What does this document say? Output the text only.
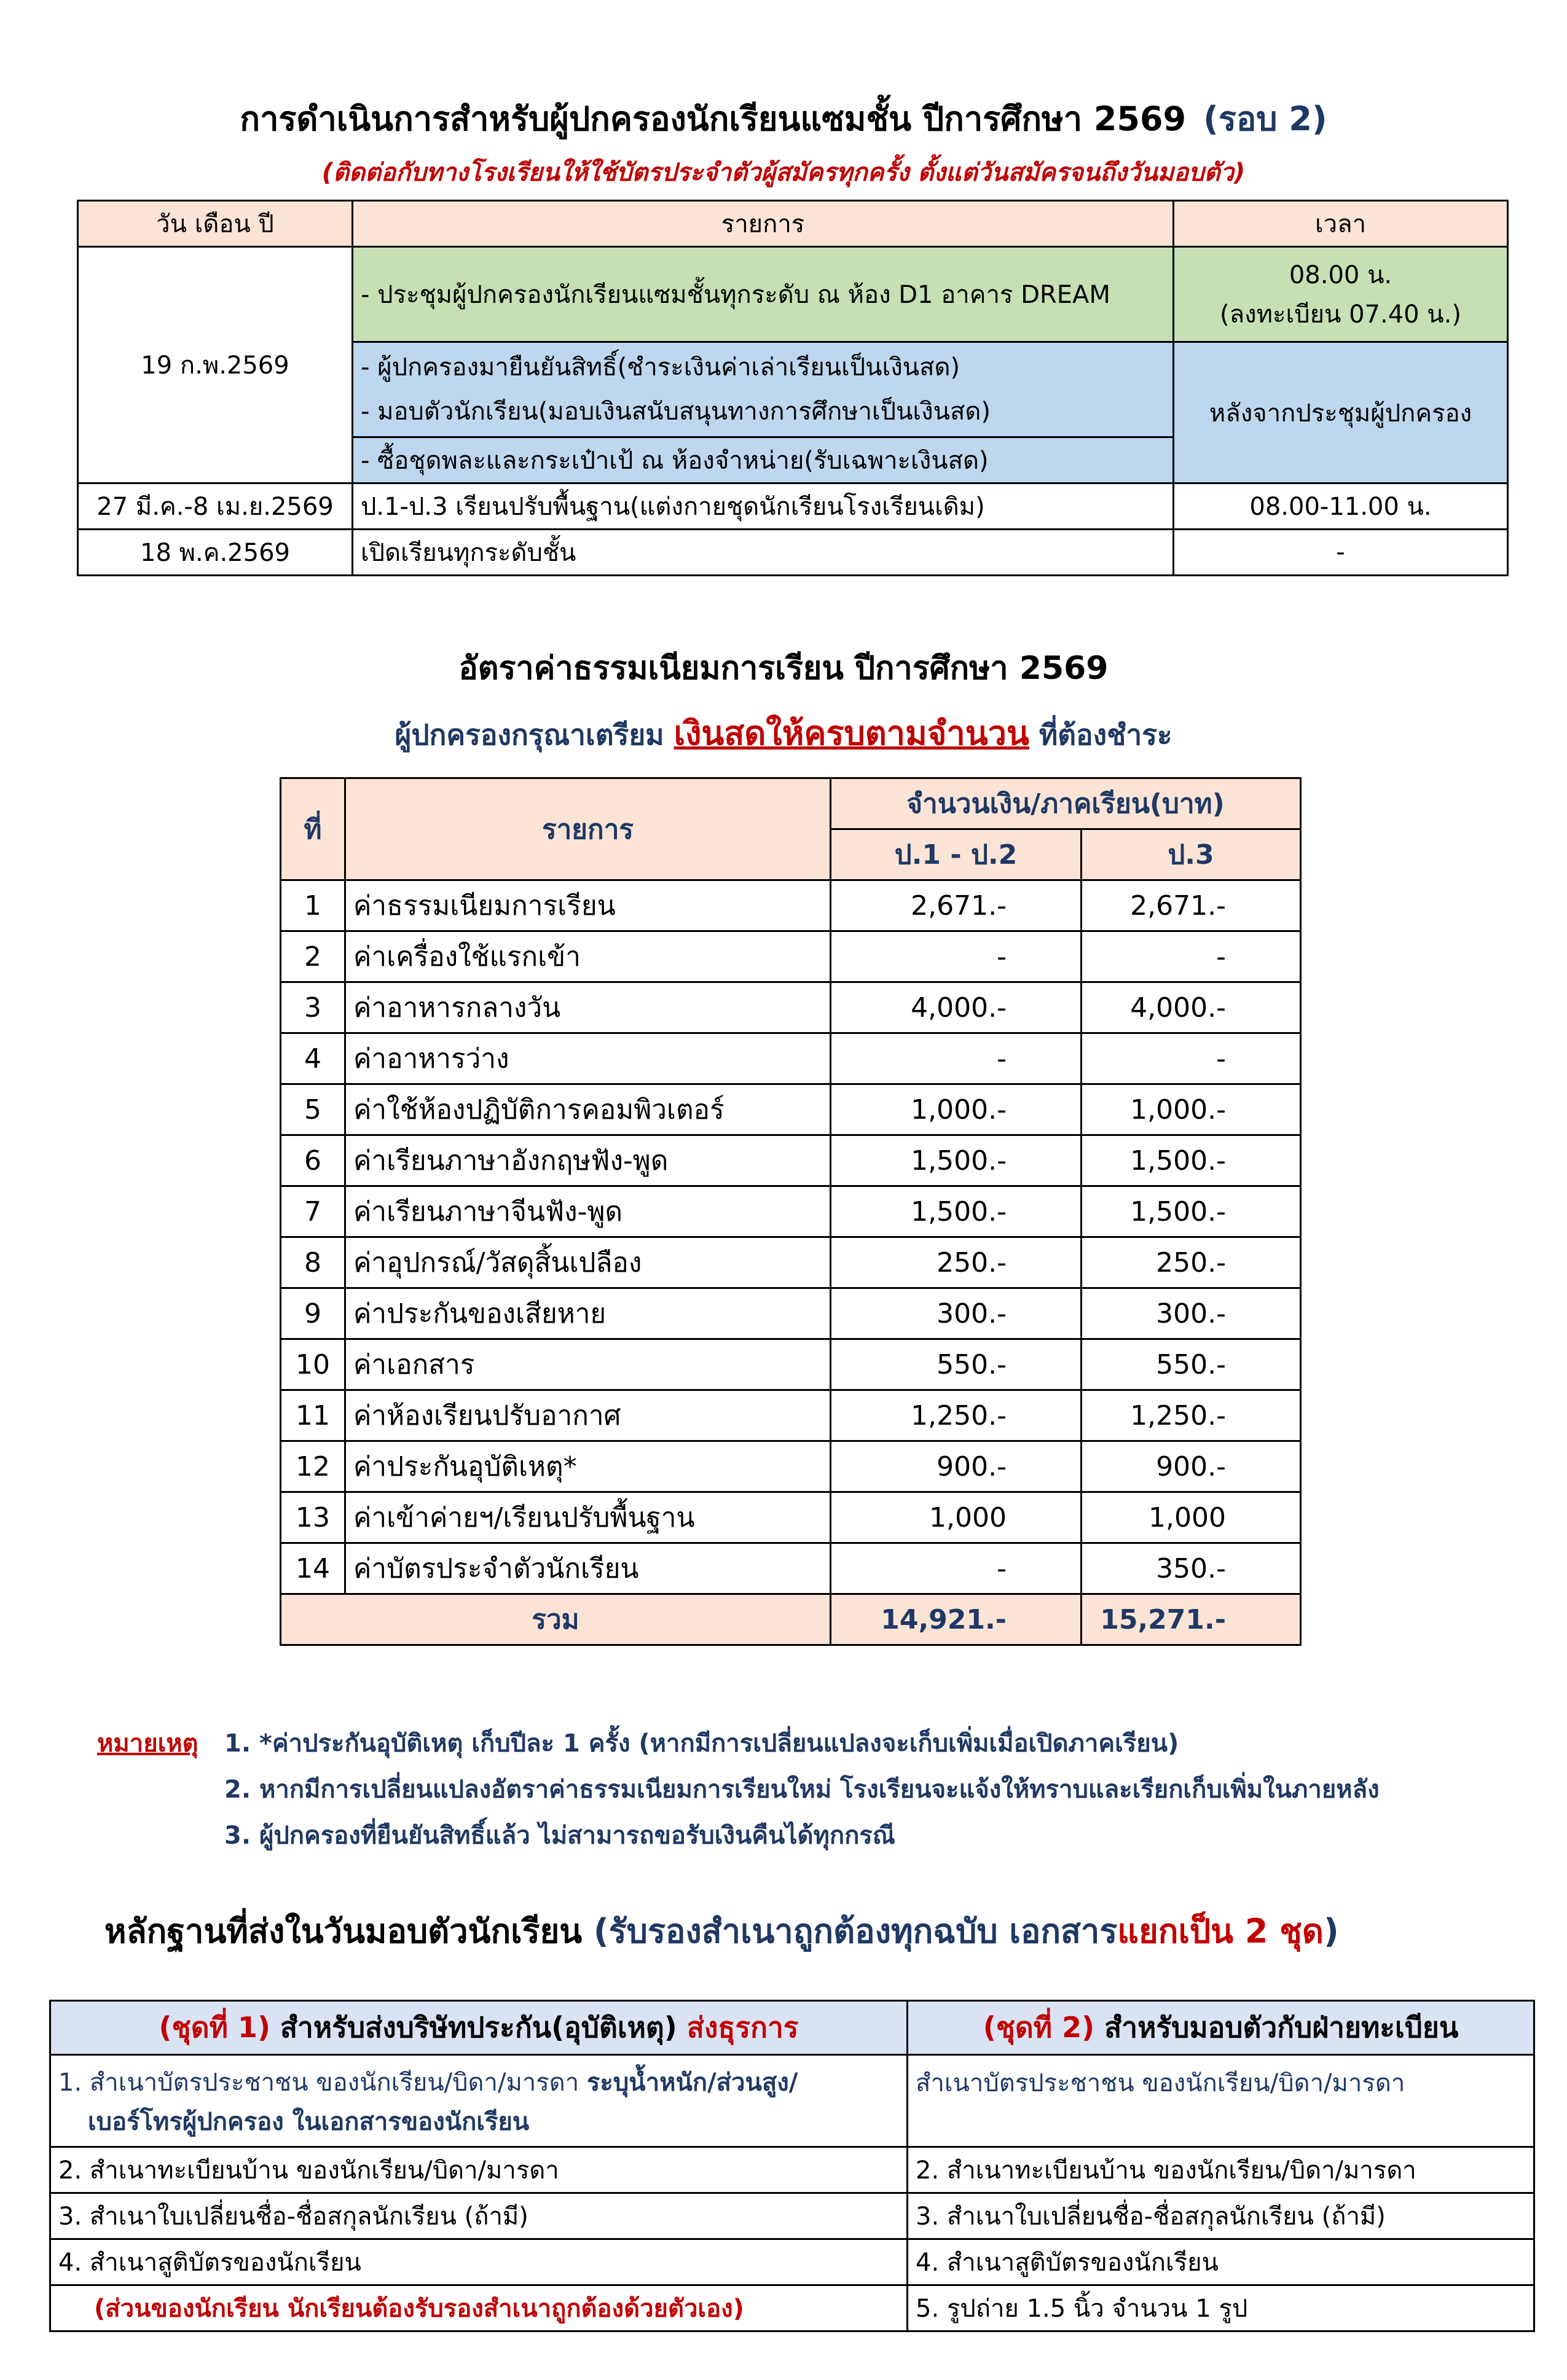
การดำเนินการสำหรับผู้ปกครองนักเรียนแซมชั้น ปีการศึกษา 2569 (รอบ 2)
(ติดต่อกับทางโรงเรียนให้ใช้บัตรประจำตัวผู้สมัครทุกครั้ง ตั้งแต่วันสมัครจนถึงวันมอบตัว)
วัน เดือน ปี	รายการ	เวลา
19 ก.พ.2569	- ประชุมผู้ปกครองนักเรียนแซมชั้นทุกระดับ ณ ห้อง D1 อาคาร DREAM	08.00 น.
(ลงทะเบียน 07.40 น.)

	- ผู้ปกครองมายืนยันสิทธิ์(ชำระเงินค่าเล่าเรียนเป็นเงินสด)
- มอบตัวนักเรียน(มอบเงินสนับสนุนทางการศึกษาเป็นเงินสด)	หลังจากประชุมผู้ปกครอง
	- ซื้อชุดพละและกระเป๋าเป้ ณ ห้องจำหน่าย(รับเฉพาะเงินสด)	
27 มี.ค.-8 เม.ย.2569	ป.1-ป.3 เรียนปรับพื้นฐาน(แต่งกายชุดนักเรียนโรงเรียนเดิม)	08.00-11.00 น.
18 พ.ค.2569	เปิดเรียนทุกระดับชั้น	-
อัตราค่าธรรมเนียมการเรียน ปีการศึกษา 2569
ผู้ปกครองกรุณาเตรียม เงินสดให้ครบตามจำนวน ที่ต้องชำระ
ที่	รายการ	จำนวนเงิน/ภาคเรียน(บาท)	
		ป.1 - ป.2	ป.3
1	ค่าธรรมเนียมการเรียน	2,671.-	2,671.-
2	ค่าเครื่องใช้แรกเข้า	-	-
3	ค่าอาหารกลางวัน	4,000.-	4,000.-
4	ค่าอาหารว่าง	-	-
5	ค่าใช้ห้องปฏิบัติการคอมพิวเตอร์	1,000.-	1,000.-
6	ค่าเรียนภาษาอังกฤษฟัง-พูด	1,500.-	1,500.-
7	ค่าเรียนภาษาจีนฟัง-พูด	1,500.-	1,500.-
8	ค่าอุปกรณ์/วัสดุสิ้นเปลือง	250.-	250.-
9	ค่าประกันของเสียหาย	300.-	300.-
10	ค่าเอกสาร	550.-	550.-
11	ค่าห้องเรียนปรับอากาศ	1,250.-	1,250.-
12	ค่าประกันอุบัติเหตุ*	900.-	900.-
13	ค่าเข้าค่ายฯ/เรียนปรับพื้นฐาน	1,000	1,000
14	ค่าบัตรประจำตัวนักเรียน	-	350.-
รวม		14,921.-	15,271.-
หมายเหตุ 1. *ค่าประกันอุบัติเหตุ เก็บปีละ 1 ครั้ง (หากมีการเปลี่ยนแปลงจะเก็บเพิ่มเมื่อเปิดภาคเรียน)
2. หากมีการเปลี่ยนแปลงอัตราค่าธรรมเนียมการเรียนใหม่ โรงเรียนจะแจ้งให้ทราบและเรียกเก็บเพิ่มในภายหลัง
3. ผู้ปกครองที่ยืนยันสิทธิ์แล้ว ไม่สามารถขอรับเงินคืนได้ทุกกรณี
หลักฐานที่ส่งในวันมอบตัวนักเรียน (รับรองสำเนาถูกต้องทุกฉบับ เอกสารแยกเป็น 2 ชุด)
(ชุดที่ 1) สำหรับส่งบริษัทประกัน(อุบัติเหตุ) ส่งธุรการ	(ชุดที่ 2) สำหรับมอบตัวกับฝ่ายทะเบียน
1. สำเนาบัตรประชาชน ของนักเรียน/บิดา/มารดา ระบุน้ำหนัก/ส่วนสูง/
เบอร์โทรผู้ปกครอง ในเอกสารของนักเรียน	สำเนาบัตรประชาชน ของนักเรียน/บิดา/มารดา
2. สำเนาทะเบียนบ้าน ของนักเรียน/บิดา/มารดา	2. สำเนาทะเบียนบ้าน ของนักเรียน/บิดา/มารดา
3. สำเนาใบเปลี่ยนชื่อ-ชื่อสกุลนักเรียน (ถ้ามี)	3. สำเนาใบเปลี่ยนชื่อ-ชื่อสกุลนักเรียน (ถ้ามี)
4. สำเนาสูติบัตรของนักเรียน	4. สำเนาสูติบัตรของนักเรียน
(ส่วนของนักเรียน นักเรียนต้องรับรองสำเนาถูกต้องด้วยตัวเอง)	5. รูปถ่าย 1.5 นิ้ว จำนวน 1 รูป
